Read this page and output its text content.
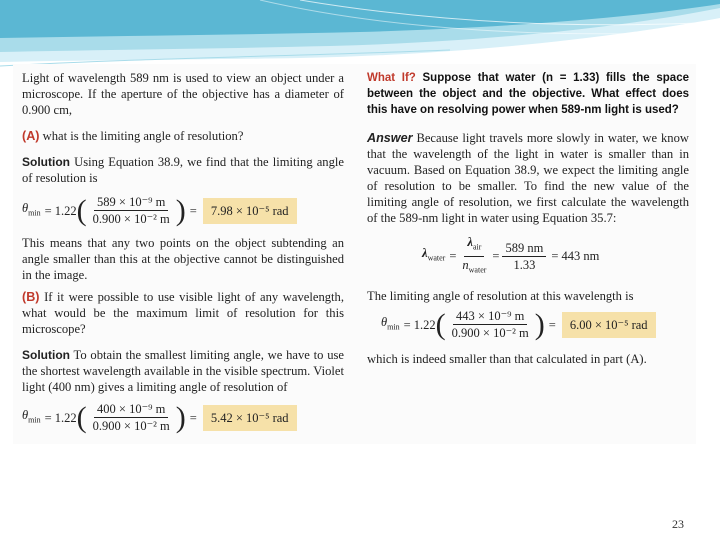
Light of wavelength 589 nm is used to view an object under a microscope. If the aperture of the objective has a diameter of 0.900 cm,

(A) what is the limiting angle of resolution?

Solution Using Equation 38.9, we find that the limiting angle of resolution is

$\theta_{min} = 1.22$ ( $\frac{\text{589 × 10⁻⁹ m}}{\text{0.900 × 10⁻² m}}$ ) =	7.98 × 10⁻⁵ rad

This means that any two points on the object subtending an angle smaller than this at the objective cannot be distinguished in the image.

(B) If it were possible to use visible light of any wavelength, what would be the maximum limit of resolution for this microscope?

Solution To obtain the smallest limiting angle, we have to use the shortest wavelength available in the visible spectrum. Violet light (400 nm) gives a limiting angle of resolution of

$\theta_{min} = 1.22$ ( $\frac{\text{400 × 10⁻⁹ m}}{\text{0.900 × 10⁻² m}}$ ) =	5.42 × 10⁻⁵ rad

What If? Suppose that water (n = 1.33) fills the space between the object and the objective. What effect does this have on resolving power when 589-nm light is used?

Answer Because light travels more slowly in water, we know that the wavelength of the light in water is smaller than in vacuum. Based on Equation 38.9, we expect the limiting angle of resolution to be smaller. To find the new value of the limiting angle of resolution, we first calculate the wavelength of the 589-nm light in water using Equation 35.7:

$\lambda_{water} = \frac{\lambda_{air}}{n_{water}} = \frac{589 nm}{1.33} = 443$ nm

The limiting angle of resolution at this wavelength is

$\theta_{min} = 1.22$ ( $\frac{\text{443 × 10⁻⁹ m}}{\text{0.900 × 10⁻² m}}$ ) =	6.00 × 10⁻⁵ rad

which is indeed smaller than that calculated in part (A).

23
